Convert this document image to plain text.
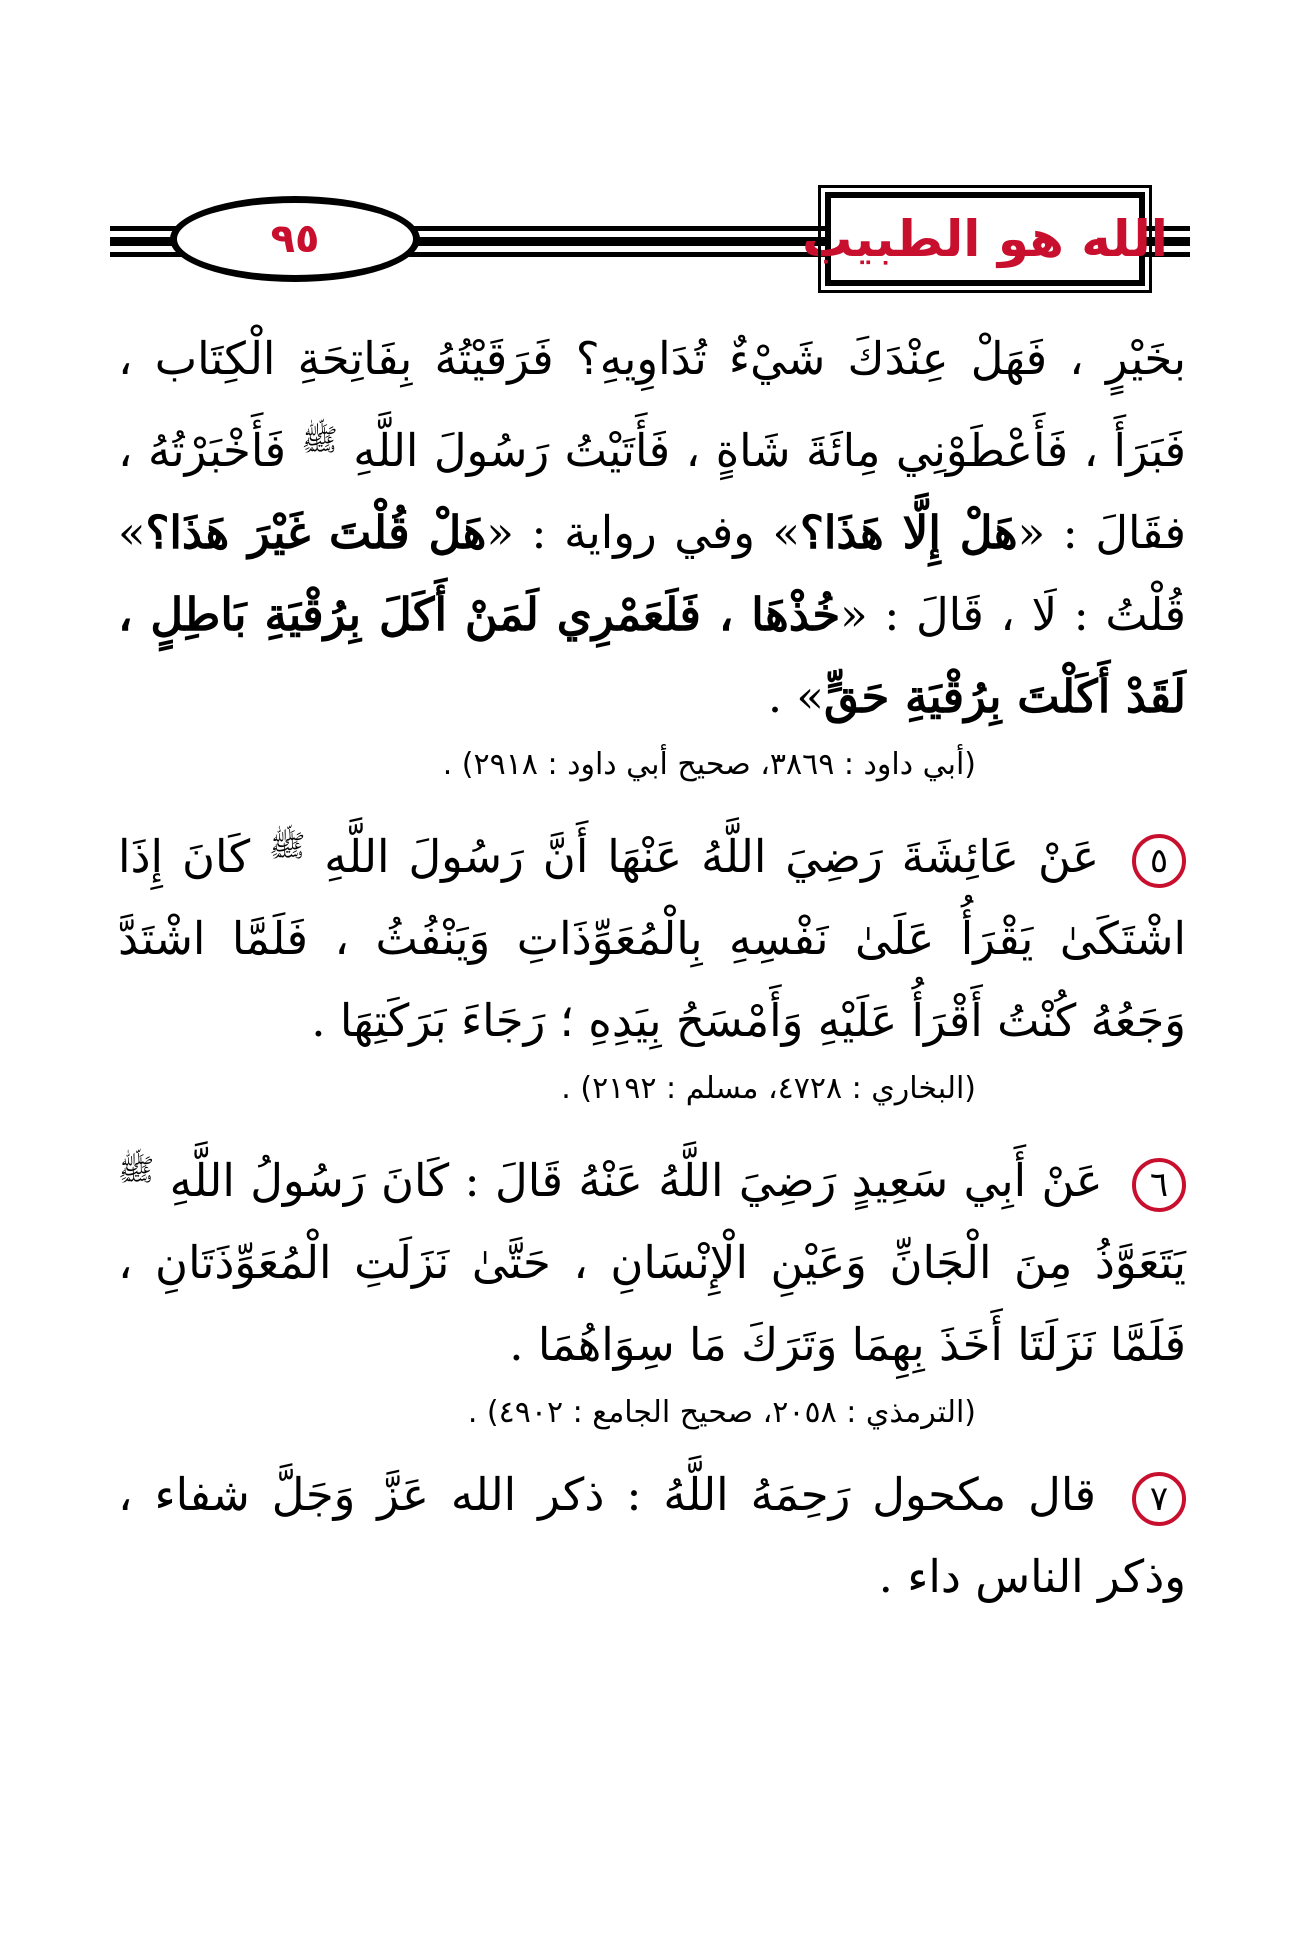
٩٥	الله هو الطبيب

بخَيْرٍ ، فَهَلْ عِنْدَكَ شَيْءٌ تُدَاوِيهِ؟ فَرَقَيْتُهُ بِفَاتِحَةِ الْكِتَاب ، فَبَرَأَ ، فَأَعْطَوْنِي مِائَةَ شَاةٍ ، فَأَتَيْتُ رَسُولَ اللَّهِ $^ﷺ$ فَأَخْبَرْتُهُ ، فقَالَ : «هَلْ إِلَّا هَذَا؟» وفي رواية : «هَلْ قُلْتَ غَيْرَ هَذَا؟» قُلْتُ : لَا ، قَالَ : «خُذْهَا ، فَلَعَمْرِي لَمَنْ أَكَلَ بِرُقْيَةِ بَاطِلٍ ، لَقَدْ أَكَلْتَ بِرُقْيَةِ حَقٍّ» .

(أبي داود : ٣٨٦٩، صحيح أبي داود : ٢٩١٨) .

٥ عَنْ عَائِشَةَ رَضِيَ اللَّهُ عَنْهَا أَنَّ رَسُولَ اللَّهِ $^ﷺ$ كَانَ إِذَا اشْتَكَىٰ يَقْرَأُ عَلَىٰ نَفْسِهِ بِالْمُعَوِّذَاتِ وَيَنْفُثُ ، فَلَمَّا اشْتَدَّ وَجَعُهُ كُنْتُ أَقْرَأُ عَلَيْهِ وَأَمْسَحُ بِيَدِهِ ؛ رَجَاءَ بَرَكَتِهَا .

(البخاري : ٤٧٢٨، مسلم : ٢١٩٢) .

٦ عَنْ أَبِي سَعِيدٍ رَضِيَ اللَّهُ عَنْهُ قَالَ : كَانَ رَسُولُ اللَّهِ $^ﷺ$ يَتَعَوَّذُ مِنَ الْجَانِّ وَعَيْنِ الْإِنْسَانِ ، حَتَّىٰ نَزَلَتِ الْمُعَوِّذَتَانِ ، فَلَمَّا نَزَلَتَا أَخَذَ بِهِمَا وَتَرَكَ مَا سِوَاهُمَا .

(الترمذي : ٢٠٥٨، صحيح الجامع : ٤٩٠٢) .

٧ قال مكحول رَحِمَهُ اللَّهُ : ذكر الله عَزَّ وَجَلَّ شفاء ، وذكر الناس داء .
